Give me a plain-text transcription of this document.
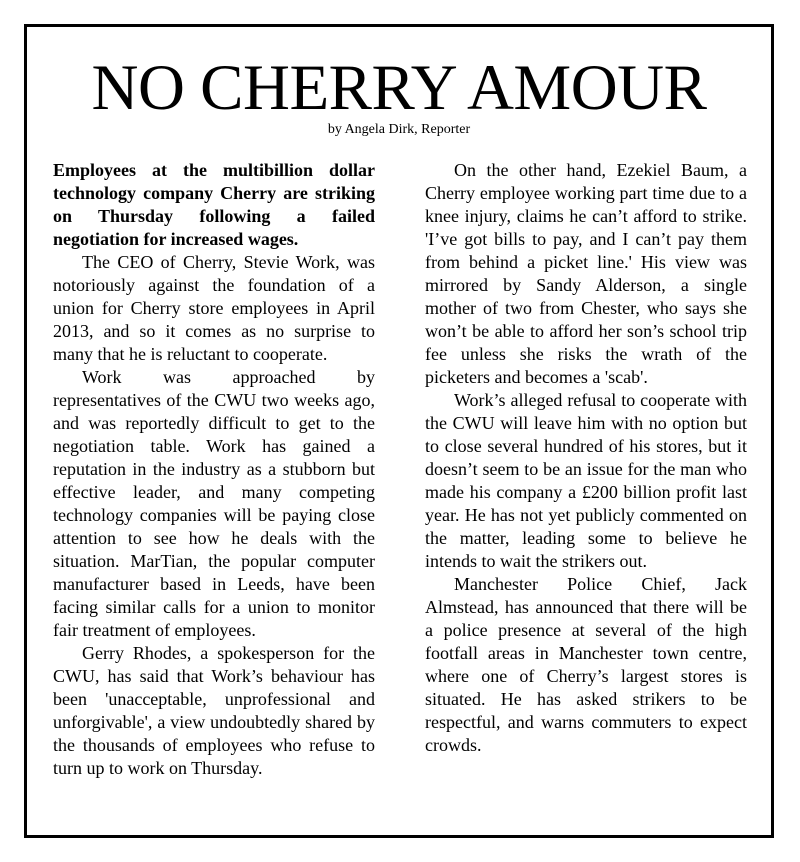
NO CHERRY AMOUR
by Angela Dirk, Reporter

Employees at the multibillion dollar technology company Cherry are striking on Thursday following a failed negotiation for increased wages.

The CEO of Cherry, Stevie Work, was notoriously against the foundation of a union for Cherry store employees in April 2013, and so it comes as no surprise to many that he is reluctant to cooperate.

Work was approached by representatives of the CWU two weeks ago, and was reportedly difficult to get to the negotiation table. Work has gained a reputation in the industry as a stubborn but effective leader, and many competing technology companies will be paying close attention to see how he deals with the situation. MarTian, the popular computer manufacturer based in Leeds, have been facing similar calls for a union to monitor fair treatment of employees.

Gerry Rhodes, a spokesperson for the CWU, has said that Work’s behaviour has been 'unacceptable, unprofessional and unforgivable', a view undoubtedly shared by the thousands of employees who refuse to turn up to work on Thursday.

On the other hand, Ezekiel Baum, a Cherry employee working part time due to a knee injury, claims he can’t afford to strike. 'I’ve got bills to pay, and I can’t pay them from behind a picket line.' His view was mirrored by Sandy Alderson, a single mother of two from Chester, who says she won’t be able to afford her son’s school trip fee unless she risks the wrath of the picketers and becomes a 'scab'.

Work’s alleged refusal to cooperate with the CWU will leave him with no option but to close several hundred of his stores, but it doesn’t seem to be an issue for the man who made his company a £200 billion profit last year. He has not yet publicly commented on the matter, leading some to believe he intends to wait the strikers out.

Manchester Police Chief, Jack Almstead, has announced that there will be a police presence at several of the high footfall areas in Manchester town centre, where one of Cherry’s largest stores is situated. He has asked strikers to be respectful, and warns commuters to expect crowds.
